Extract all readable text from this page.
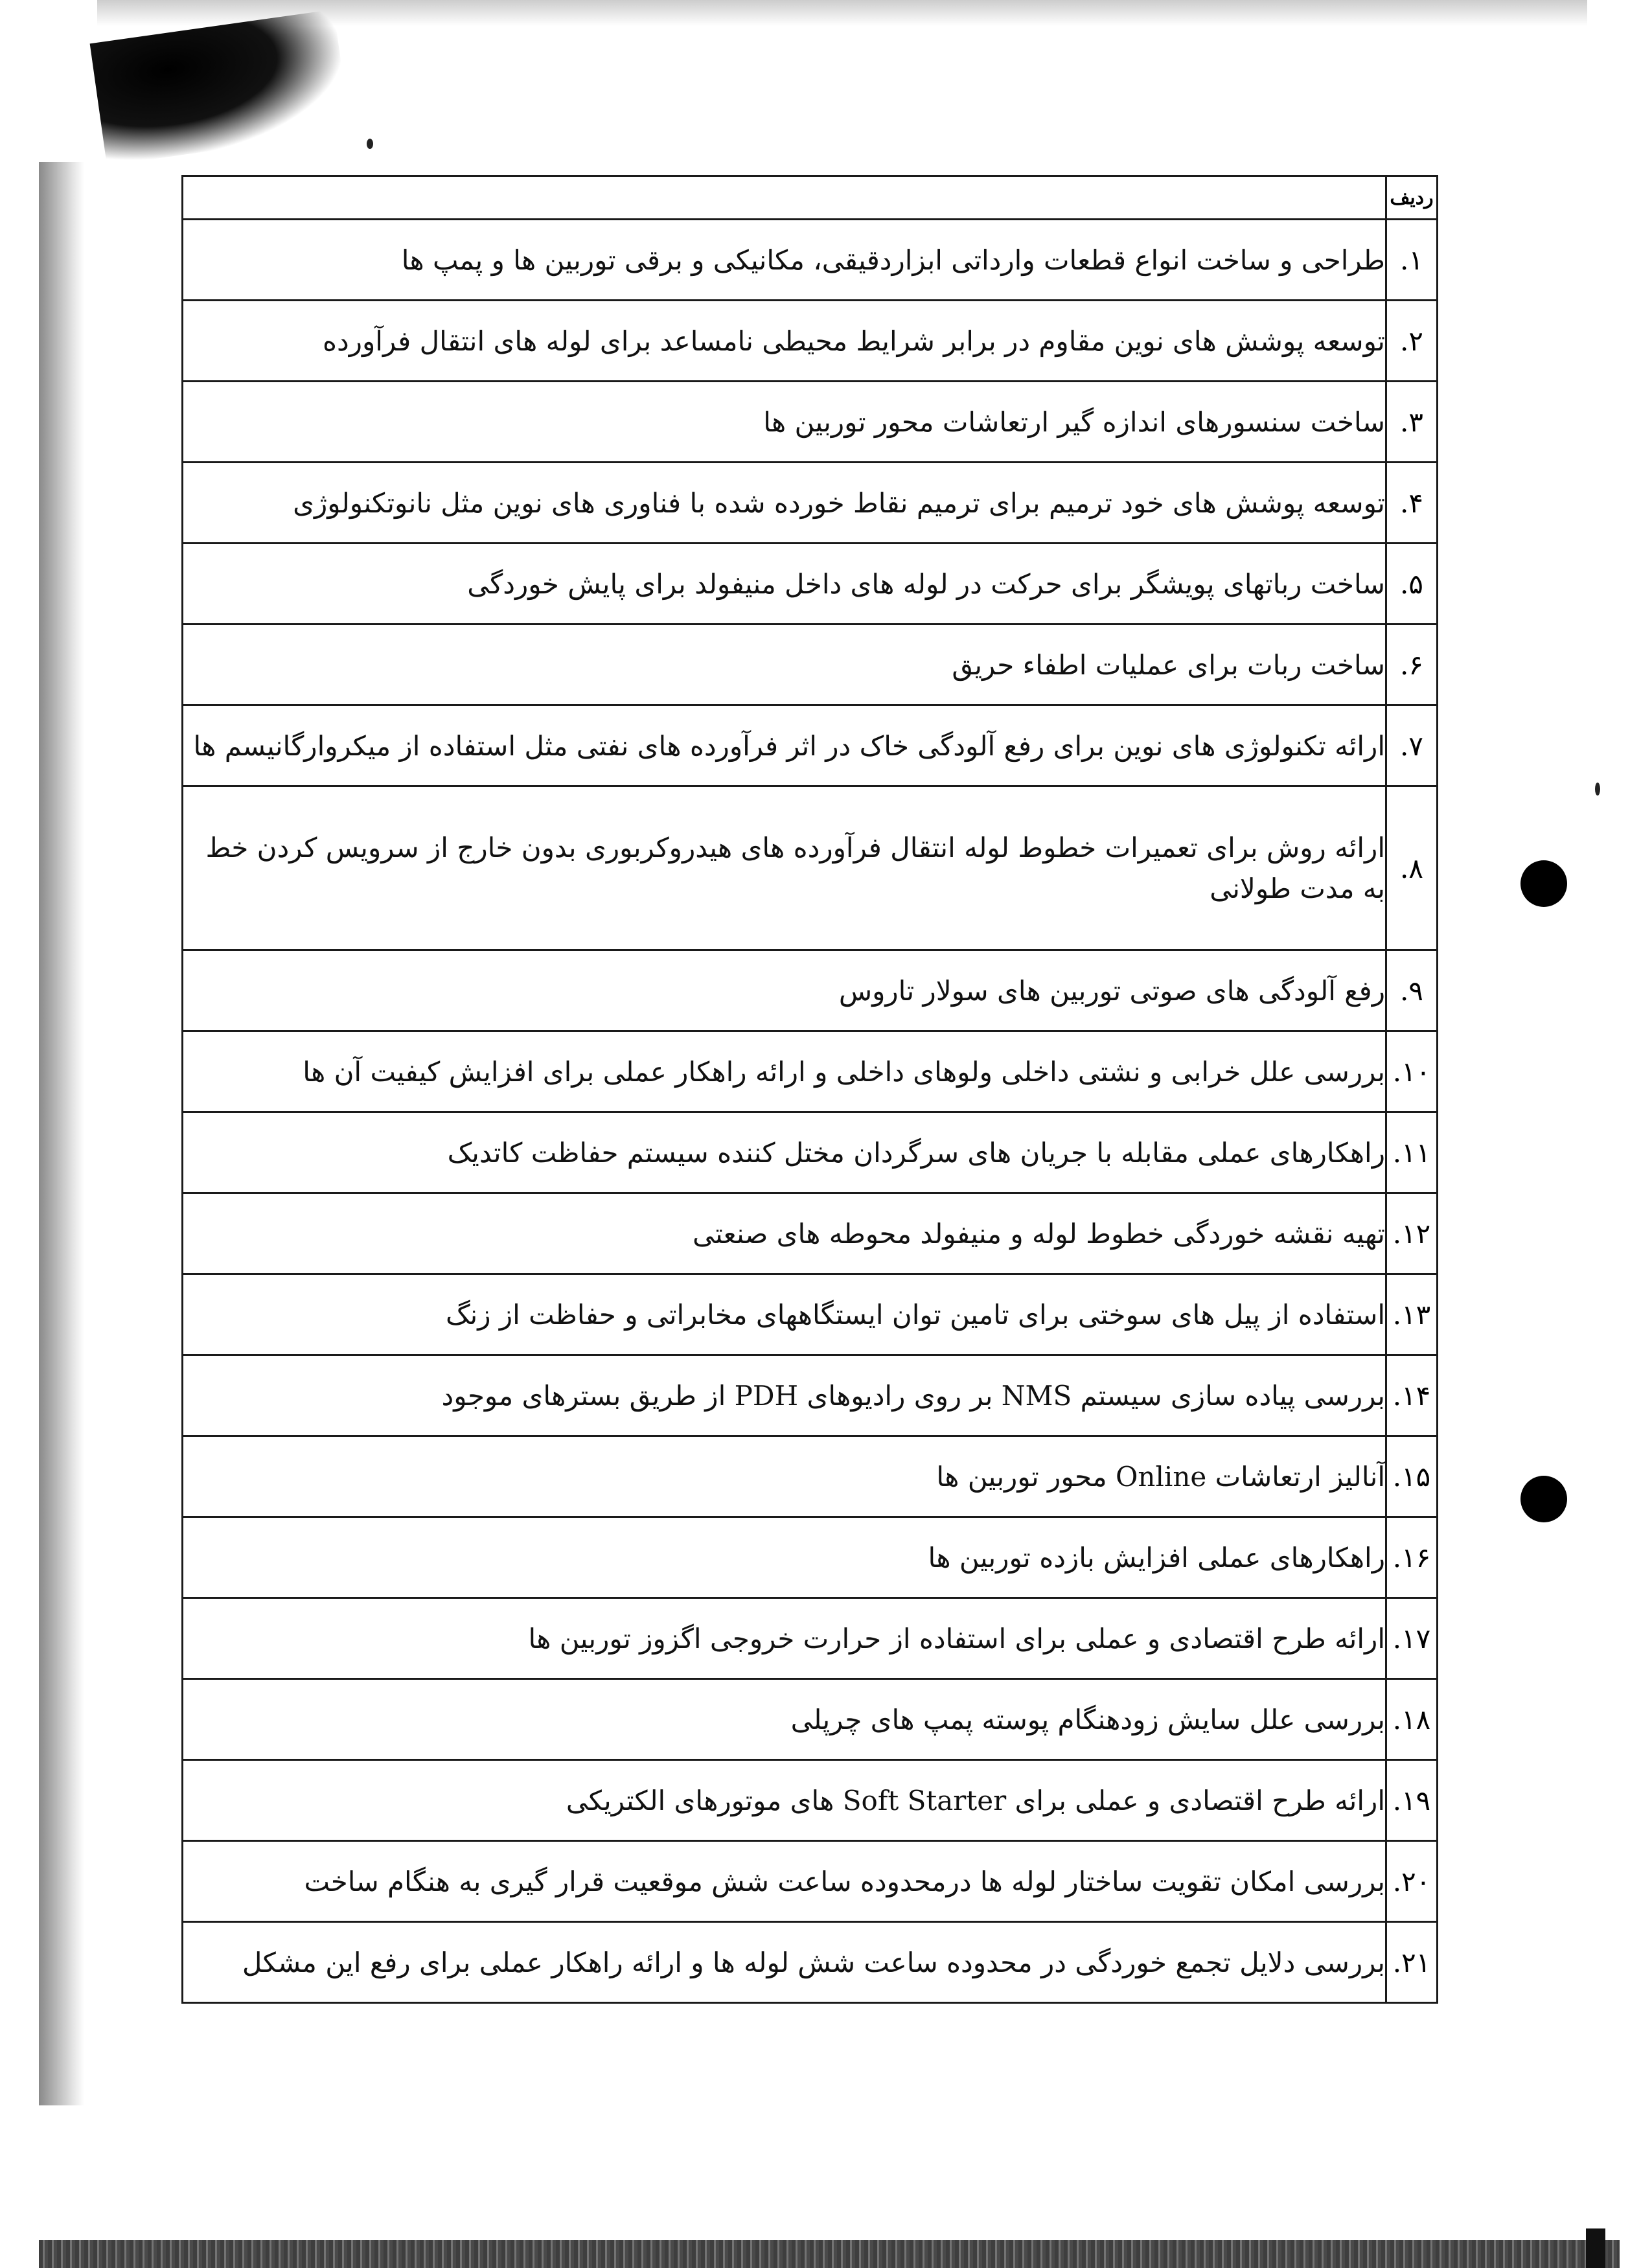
ردیف	
۱.	طراحی و ساخت انواع قطعات وارداتی ابزاردقیقی، مکانیکی و برقی توربین ها و پمپ ها
۲.	توسعه پوشش های نوین مقاوم در برابر شرایط محیطی نامساعد برای لوله های انتقال فرآورده
۳.	ساخت سنسورهای اندازه گیر ارتعاشات محور توربین ها
۴.	توسعه پوشش های خود ترمیم برای ترمیم نقاط خورده شده با فناوری های نوین مثل نانوتکنولوژی
۵.	ساخت رباتهای پویشگر برای حرکت در لوله های داخل منیفولد برای پایش خوردگی
۶.	ساخت ربات برای عملیات اطفاء حریق
۷.	ارائه تکنولوژی های نوین برای رفع آلودگی خاک در اثر فرآورده های نفتی مثل استفاده از میکروارگانیسم ها
۸.	ارائه روش برای تعمیرات خطوط لوله انتقال فرآورده های هیدروکربوری بدون خارج از سرویس کردن خط به مدت طولانی
۹.	رفع آلودگی های صوتی توربین های سولار تاروس
۱۰.	بررسی علل خرابی و نشتی داخلی ولوهای داخلی و ارائه راهکار عملی برای افزایش کیفیت آن ها
۱۱.	راهکارهای عملی مقابله با جریان های سرگردان مختل کننده سیستم حفاظت کاتدیک
۱۲.	تهیه نقشه خوردگی خطوط لوله و منیفولد محوطه های صنعتی
۱۳.	استفاده از پیل های سوختی برای تامین توان ایستگاههای مخابراتی و حفاظت از زنگ
۱۴.	بررسی پیاده سازی سیستم NMS بر روی رادیوهای PDH از طریق بسترهای موجود
۱۵.	آنالیز ارتعاشات Online محور توربین ها
۱۶.	راهکارهای عملی افزایش بازده توربین ها
۱۷.	ارائه طرح اقتصادی و عملی برای استفاده از حرارت خروجی اگزوز توربین ها
۱۸.	بررسی علل سایش زودهنگام پوسته پمپ های چرپلی
۱۹.	ارائه طرح اقتصادی و عملی برای Soft Starter های موتورهای الکتریکی
۲۰.	بررسی امکان تقویت ساختار لوله ها درمحدوده ساعت شش موقعیت قرار گیری به هنگام ساخت
۲۱.	بررسی دلایل تجمع خوردگی در محدوده ساعت شش لوله ها و ارائه راهکار عملی برای رفع این مشکل
